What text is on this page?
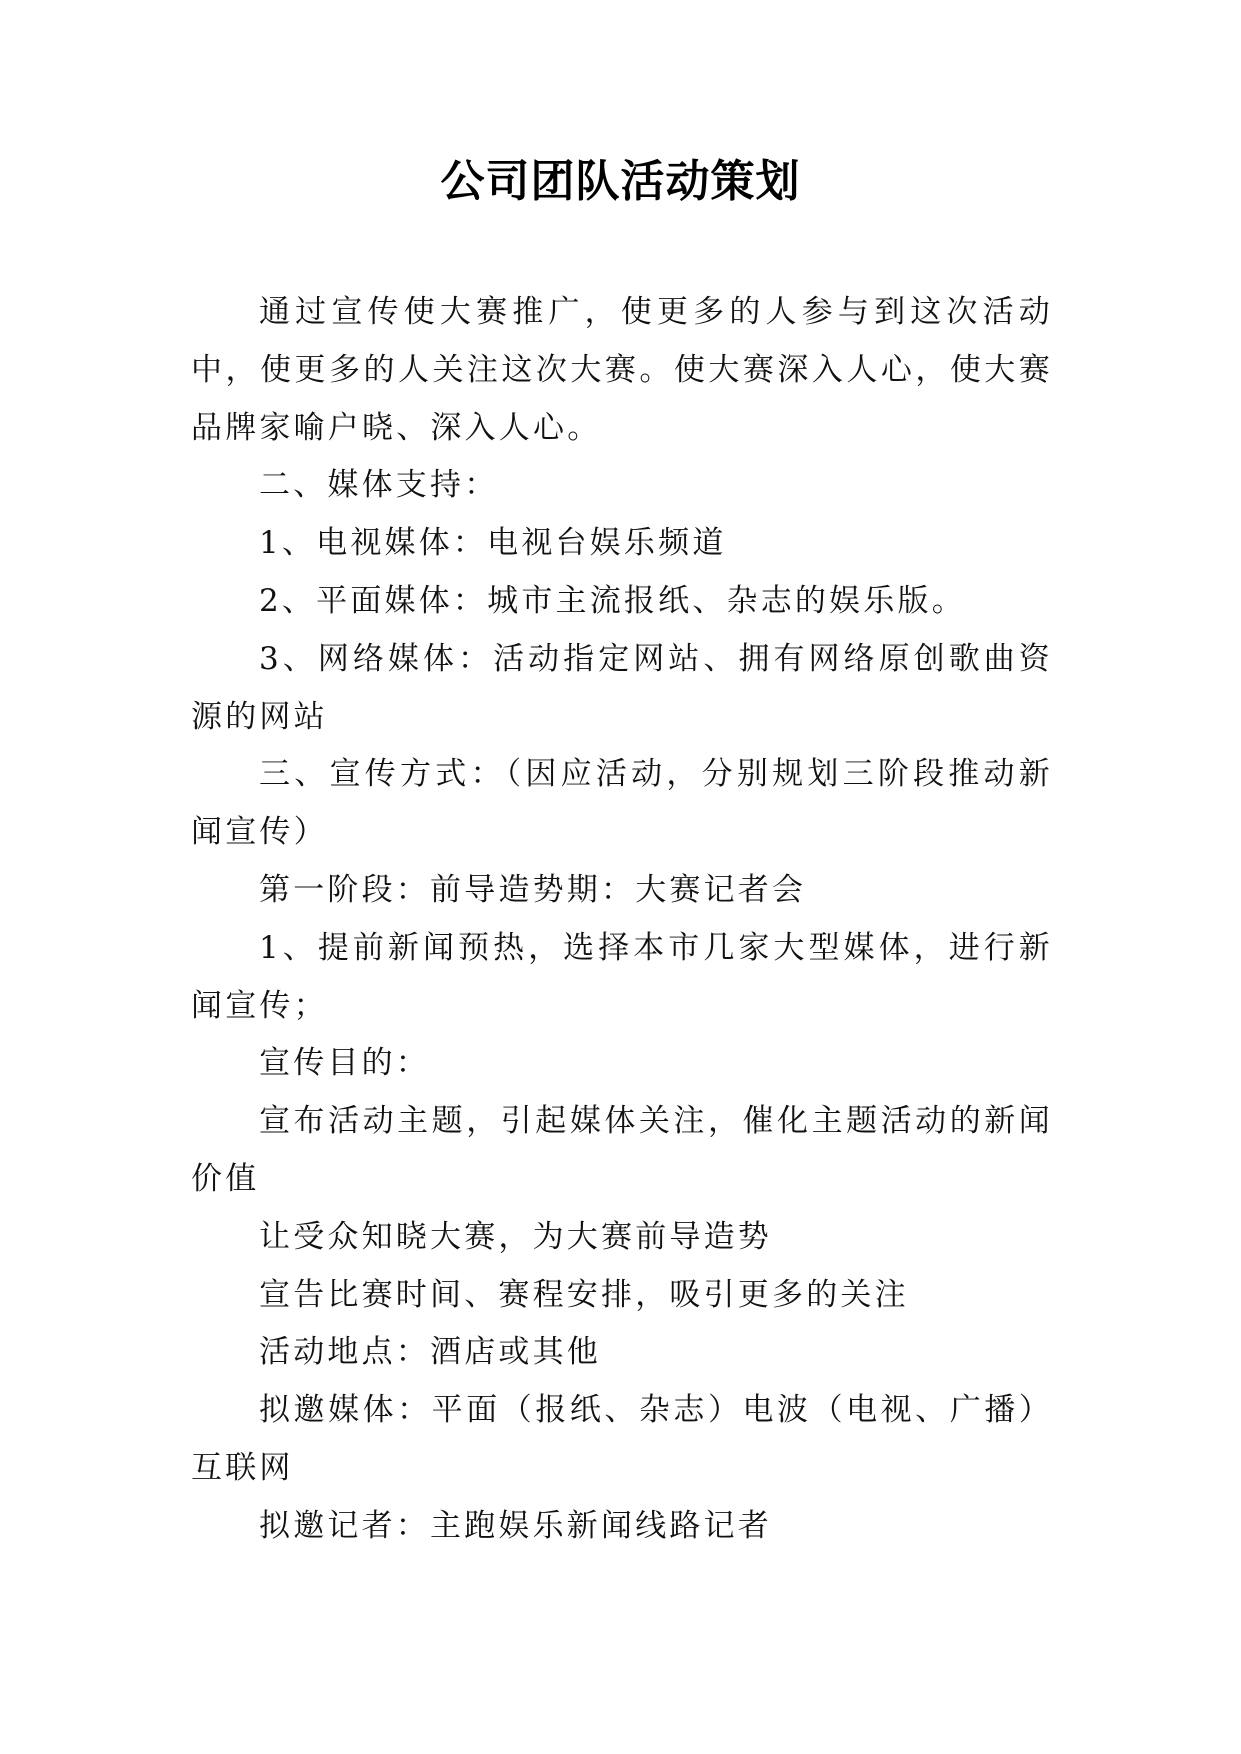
公司团队活动策划

通过宣传使大赛推广，使更多的人参与到这次活动中，使更多的人关注这次大赛。使大赛深入人心，使大赛品牌家喻户晓、深入人心。

二、媒体支持：

1、电视媒体：电视台娱乐频道

2、平面媒体：城市主流报纸、杂志的娱乐版。

3、网络媒体：活动指定网站、拥有网络原创歌曲资源的网站

三、宣传方式：（因应活动，分别规划三阶段推动新闻宣传）

第一阶段：前导造势期：大赛记者会

1、提前新闻预热，选择本市几家大型媒体，进行新闻宣传；

宣传目的：

宣布活动主题，引起媒体关注，催化主题活动的新闻价值

让受众知晓大赛，为大赛前导造势

宣告比赛时间、赛程安排，吸引更多的关注

活动地点：酒店或其他

拟邀媒体：平面（报纸、杂志）电波（电视、广播）互联网

拟邀记者：主跑娱乐新闻线路记者
